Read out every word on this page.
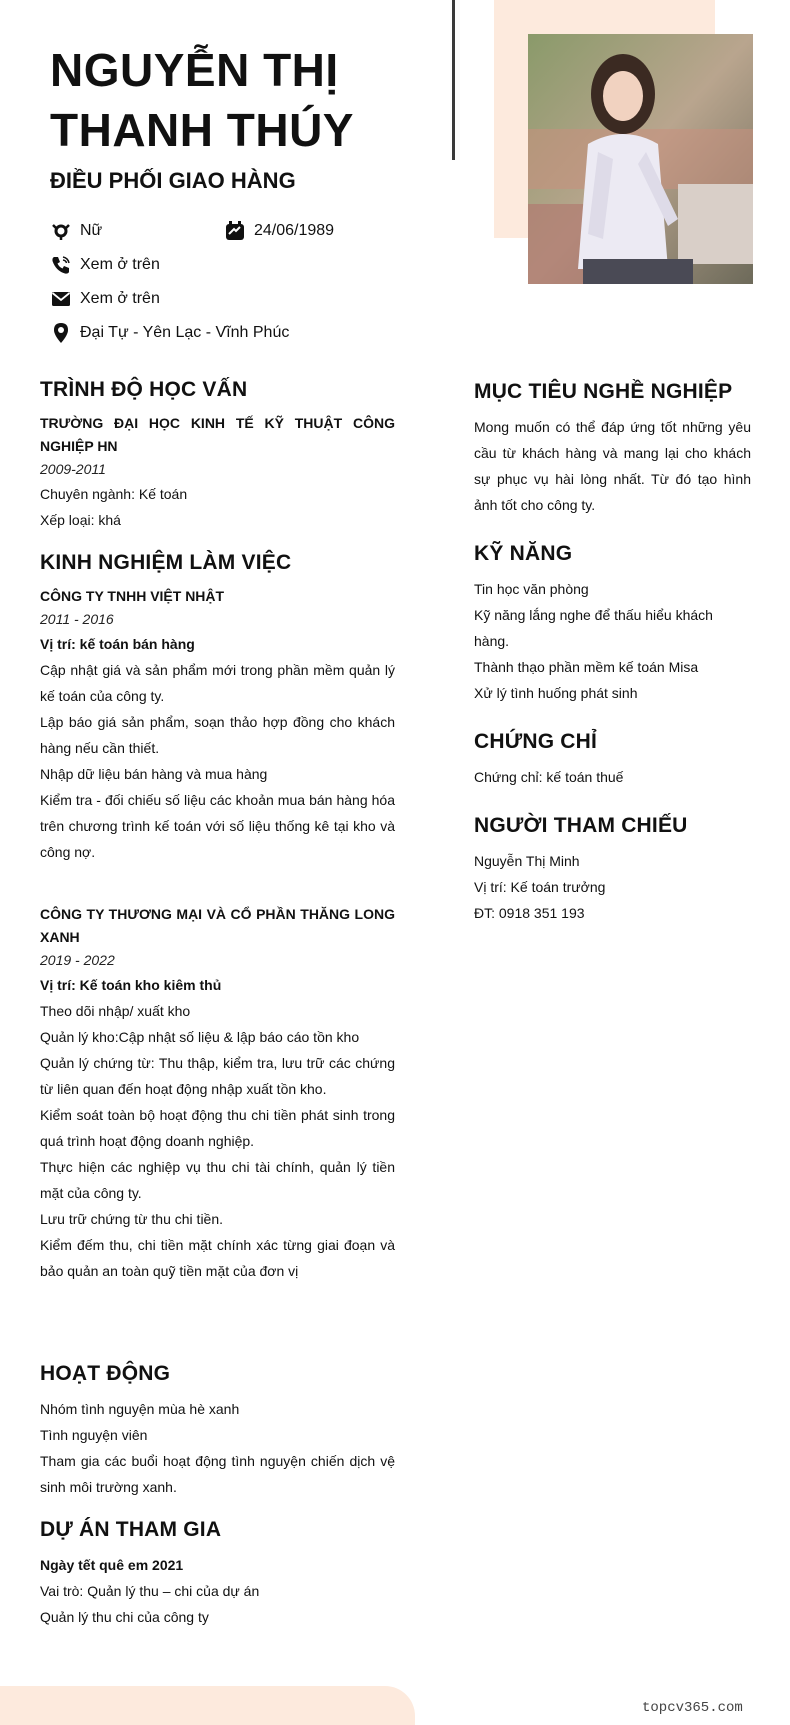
NGUYỄN THỊ
THANH THÚY
ĐIỀU PHỐI GIAO HÀNG
Nữ	24/06/1989
Xem ở trên
Xem ở trên
Đại Tự - Yên Lạc - Vĩnh Phúc
TRÌNH ĐỘ HỌC VẤN
TRƯỜNG ĐẠI HỌC KINH TẾ KỸ THUẬT CÔNG NGHIỆP HN
2009-2011
Chuyên ngành: Kế toán
Xếp loại: khá
KINH NGHIỆM LÀM VIỆC
CÔNG TY TNHH VIỆT NHẬT
2011 - 2016
Vị trí: kế toán bán hàng
Cập nhật giá và sản phẩm mới trong phần mềm quản lý kế toán của công ty.
Lập báo giá sản phẩm, soạn thảo hợp đồng cho khách hàng nếu cần thiết.
Nhập dữ liệu bán hàng và mua hàng
Kiểm tra - đối chiếu số liệu các khoản mua bán hàng hóa trên chương trình kế toán với số liệu thống kê tại kho và công nợ.
CÔNG TY THƯƠNG MẠI VÀ CỔ PHẦN THĂNG LONG XANH
2019 - 2022
Vị trí: Kế toán kho kiêm thủ
Theo dõi nhập/ xuất kho
Quản lý kho:Cập nhật số liệu & lập báo cáo tồn kho
Quản lý chứng từ: Thu thập, kiểm tra, lưu trữ các chứng từ liên quan đến hoạt động nhập xuất tồn kho.
Kiểm soát toàn bộ hoạt động thu chi tiền phát sinh trong quá trình hoạt động doanh nghiệp.
Thực hiện các nghiệp vụ thu chi tài chính, quản lý tiền mặt của công ty.
Lưu trữ chứng từ thu chi tiền.
Kiểm đếm thu, chi tiền mặt chính xác từng giai đoạn và bảo quản an toàn quỹ tiền mặt của đơn vị
HOẠT ĐỘNG
Nhóm tình nguyện mùa hè xanh
Tình nguyện viên
Tham gia các buổi hoạt động tình nguyện chiến dịch vệ sinh môi trường xanh.
DỰ ÁN THAM GIA
Ngày tết quê em 2021
Vai trò: Quản lý thu – chi của dự án
Quản lý thu chi của công ty
MỤC TIÊU NGHỀ NGHIỆP
Mong muốn có thể đáp ứng tốt những yêu cầu từ khách hàng và mang lại cho khách sự phục vụ hài lòng nhất. Từ đó tạo hình ảnh tốt cho công ty.
KỸ NĂNG
Tin học văn phòng
Kỹ năng lắng nghe để thấu hiểu khách hàng.
Thành thạo phần mềm kế toán Misa
Xử lý tình huống phát sinh
CHỨNG CHỈ
Chứng chỉ: kế toán thuế
NGƯỜI THAM CHIẾU
Nguyễn Thị Minh
Vị trí: Kế toán trưởng
ĐT: 0918 351 193
topcv365.com
